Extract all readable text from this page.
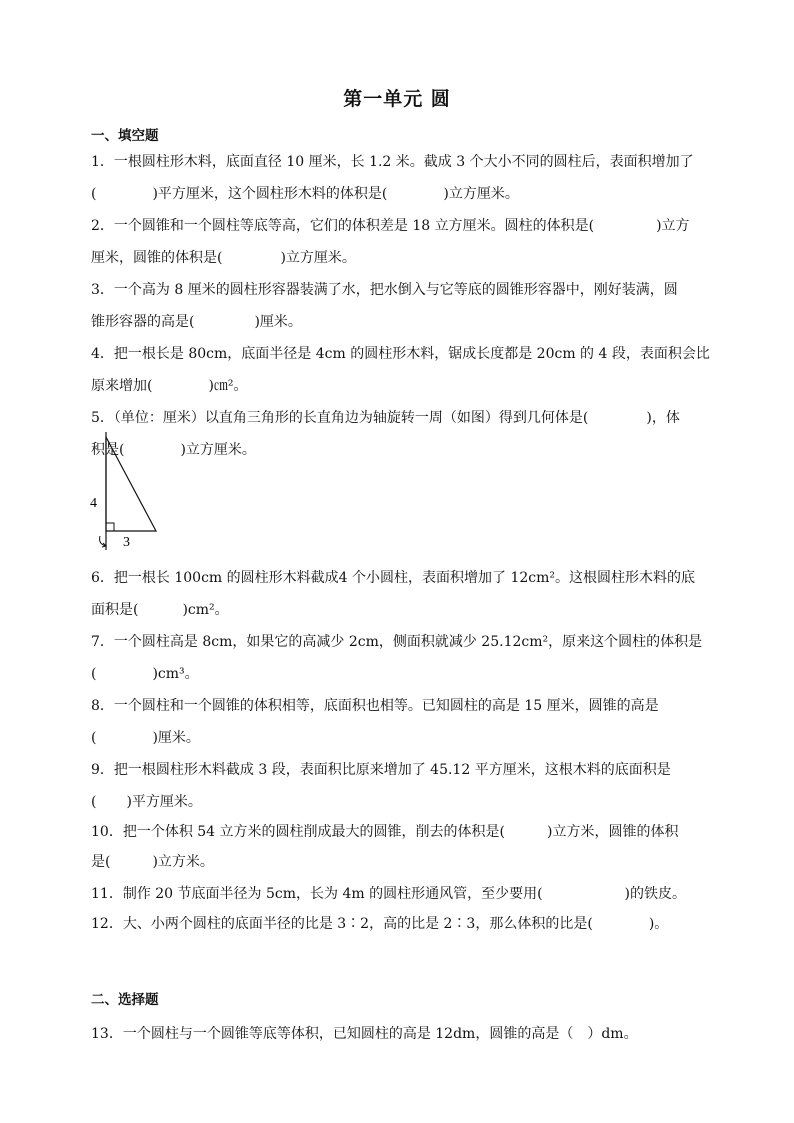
第一单元 圆
一、填空题
1．一根圆柱形木料，底面直径 10 厘米，长 1.2 米。截成 3 个大小不同的圆柱后，表面积增加了
(	)平方厘米，这个圆柱形木料的体积是(	)立方厘米。
2．一个圆锥和一个圆柱等底等高，它们的体积差是 18 立方厘米。圆柱的体积是(	)立方
厘米，圆锥的体积是(	)立方厘米。
3．一个高为 8 厘米的圆柱形容器装满了水，把水倒入与它等底的圆锥形容器中，刚好装满，圆
锥形容器的高是(	)厘米。
4．把一根长是 80cm，底面半径是 4cm 的圆柱形木料，锯成长度都是 20cm 的 4 段，表面积会比
原来增加(	)㎝²。
5．（单位：厘米）以直角三角形的长直角边为轴旋转一周（如图）得到几何体是(	)，体
积是(	)立方厘米。
4
3
6．把一根长 100cm 的圆柱形木料截成4 个小圆柱，表面积增加了 12cm²。这根圆柱形木料的底
面积是(	)cm²。
7．一个圆柱高是 8cm，如果它的高减少 2cm，侧面积就减少 25.12cm²，原来这个圆柱的体积是
(	)cm³。
8．一个圆柱和一个圆锥的体积相等，底面积也相等。已知圆柱的高是 15 厘米，圆锥的高是
(	)厘米。
9．把一根圆柱形木料截成 3 段，表面积比原来增加了 45.12 平方厘米，这根木料的底面积是
( )平方厘米。
10．把一个体积 54 立方米的圆柱削成最大的圆锥，削去的体积是(	)立方米，圆锥的体积
是(	)立方米。
11．制作 20 节底面半径为 5cm，长为 4m 的圆柱形通风管，至少要用(	)的铁皮。
12．大、小两个圆柱的底面半径的比是 3∶2，高的比是 2∶3，那么体积的比是(	)。
二、选择题
13．一个圆柱与一个圆锥等底等体积，已知圆柱的高是 12dm，圆锥的高是（ ）dm。
